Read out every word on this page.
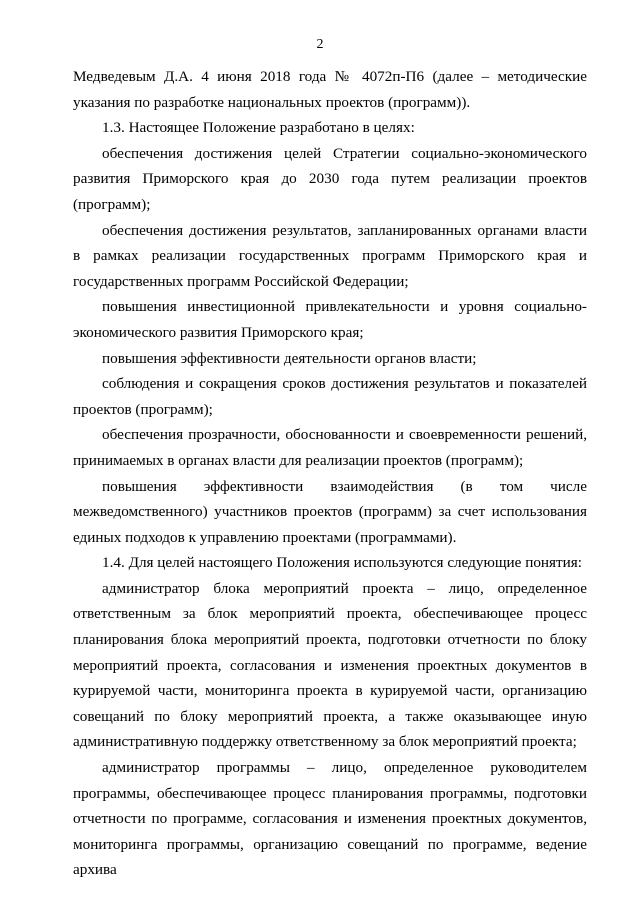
2

Медведевым Д.А. 4 июня 2018 года № 4072п-П6 (далее – методические указания по разработке национальных проектов (программ)).

1.3. Настоящее Положение разработано в целях:

обеспечения достижения целей Стратегии социально-экономического развития Приморского края до 2030 года путем реализации проектов (программ);

обеспечения достижения результатов, запланированных органами власти в рамках реализации государственных программ Приморского края и государственных программ Российской Федерации;

повышения инвестиционной привлекательности и уровня социально-экономического развития Приморского края;

повышения эффективности деятельности органов власти;

соблюдения и сокращения сроков достижения результатов и показателей проектов (программ);

обеспечения прозрачности, обоснованности и своевременности решений, принимаемых в органах власти для реализации проектов (программ);

повышения эффективности взаимодействия (в том числе межведомственного) участников проектов (программ) за счет использования единых подходов к управлению проектами (программами).

1.4. Для целей настоящего Положения используются следующие понятия:

администратор блока мероприятий проекта – лицо, определенное ответственным за блок мероприятий проекта, обеспечивающее процесс планирования блока мероприятий проекта, подготовки отчетности по блоку мероприятий проекта, согласования и изменения проектных документов в курируемой части, мониторинга проекта в курируемой части, организацию совещаний по блоку мероприятий проекта, а также оказывающее иную административную поддержку ответственному за блок мероприятий проекта;

администратор программы – лицо, определенное руководителем программы, обеспечивающее процесс планирования программы, подготовки отчетности по программе, согласования и изменения проектных документов, мониторинга программы, организацию совещаний по программе, ведение архива
